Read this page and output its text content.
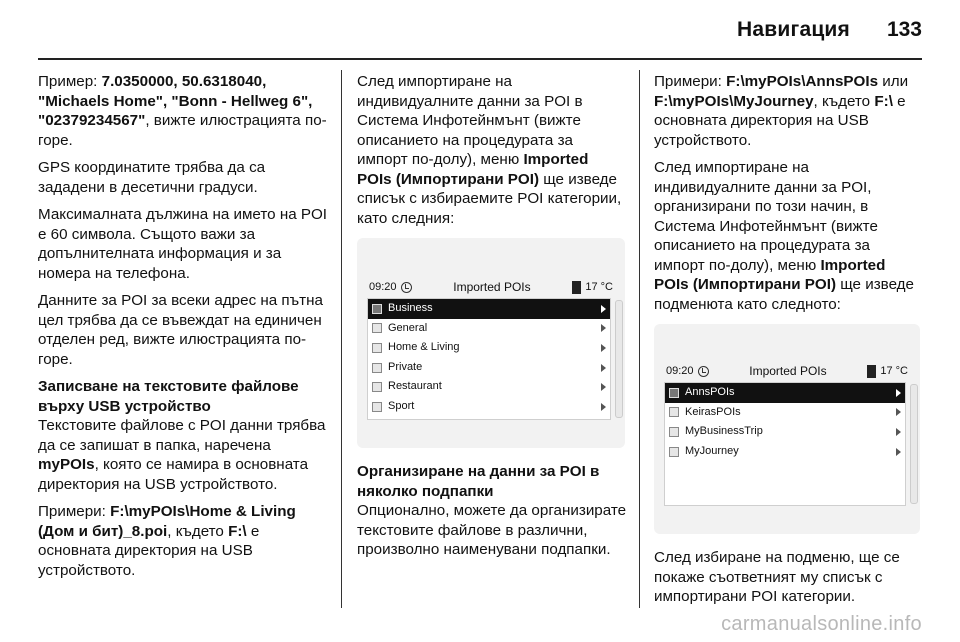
Навигация 133

Пример: 7.0350000, 50.6318040, "Michaels Home", "Bonn - Hellweg 6", "02379234567", вижте илюстрацията по-горе.

GPS координатите трябва да са зададени в десетични градуси.

Максималната дължина на името на POI е 60 символа. Същото важи за допълнителната информация и за номера на телефона.

Данните за POI за всеки адрес на пътна цел трябва да се въвеждат на единичен отделен ред, вижте илюстрацията по-горе.

Записване на текстовите файлове върху USB устройство

Текстовите файлове с POI данни трябва да се запишат в папка, наречена myPOIs, която се намира в основната директория на USB устройството.

Примери: F:\myPOIs\Home & Living (Дом и бит)_8.poi, където F:\ е основната директория на USB устройството.

След импортиране на индивидуалните данни за POI в Система Инфотейнмънт (вижте описанието на процедурата за импорт по-долу), меню Imported POIs (Импортирани POI) ще изведе списък с избираемите POI категории, като следния:

09:20	Imported POIs	17 °C
Business
General
Home & Living
Private
Restaurant
Sport
Организиране на данни за POI в няколко подпапки

Опционално, можете да организирате текстовите файлове в различни, произволно наименувани подпапки.

Примери: F:\myPOIs\AnnsPOIs или F:\myPOIs\MyJourney, където F:\ е основната директория на USB устройството.

След импортиране на индивидуалните данни за POI, организирани по този начин, в Система Инфотейнмънт (вижте описанието на процедурата за импорт по-долу), меню Imported POIs (Импортирани POI) ще изведе подменюта като следното:

09:20	Imported POIs	17 °C
AnnsPOIs
KeirasPOIs
MyBusinessTrip
MyJourney

След избиране на подменю, ще се покаже съответният му списък с импортирани POI категории.

carmanualsonline.info
